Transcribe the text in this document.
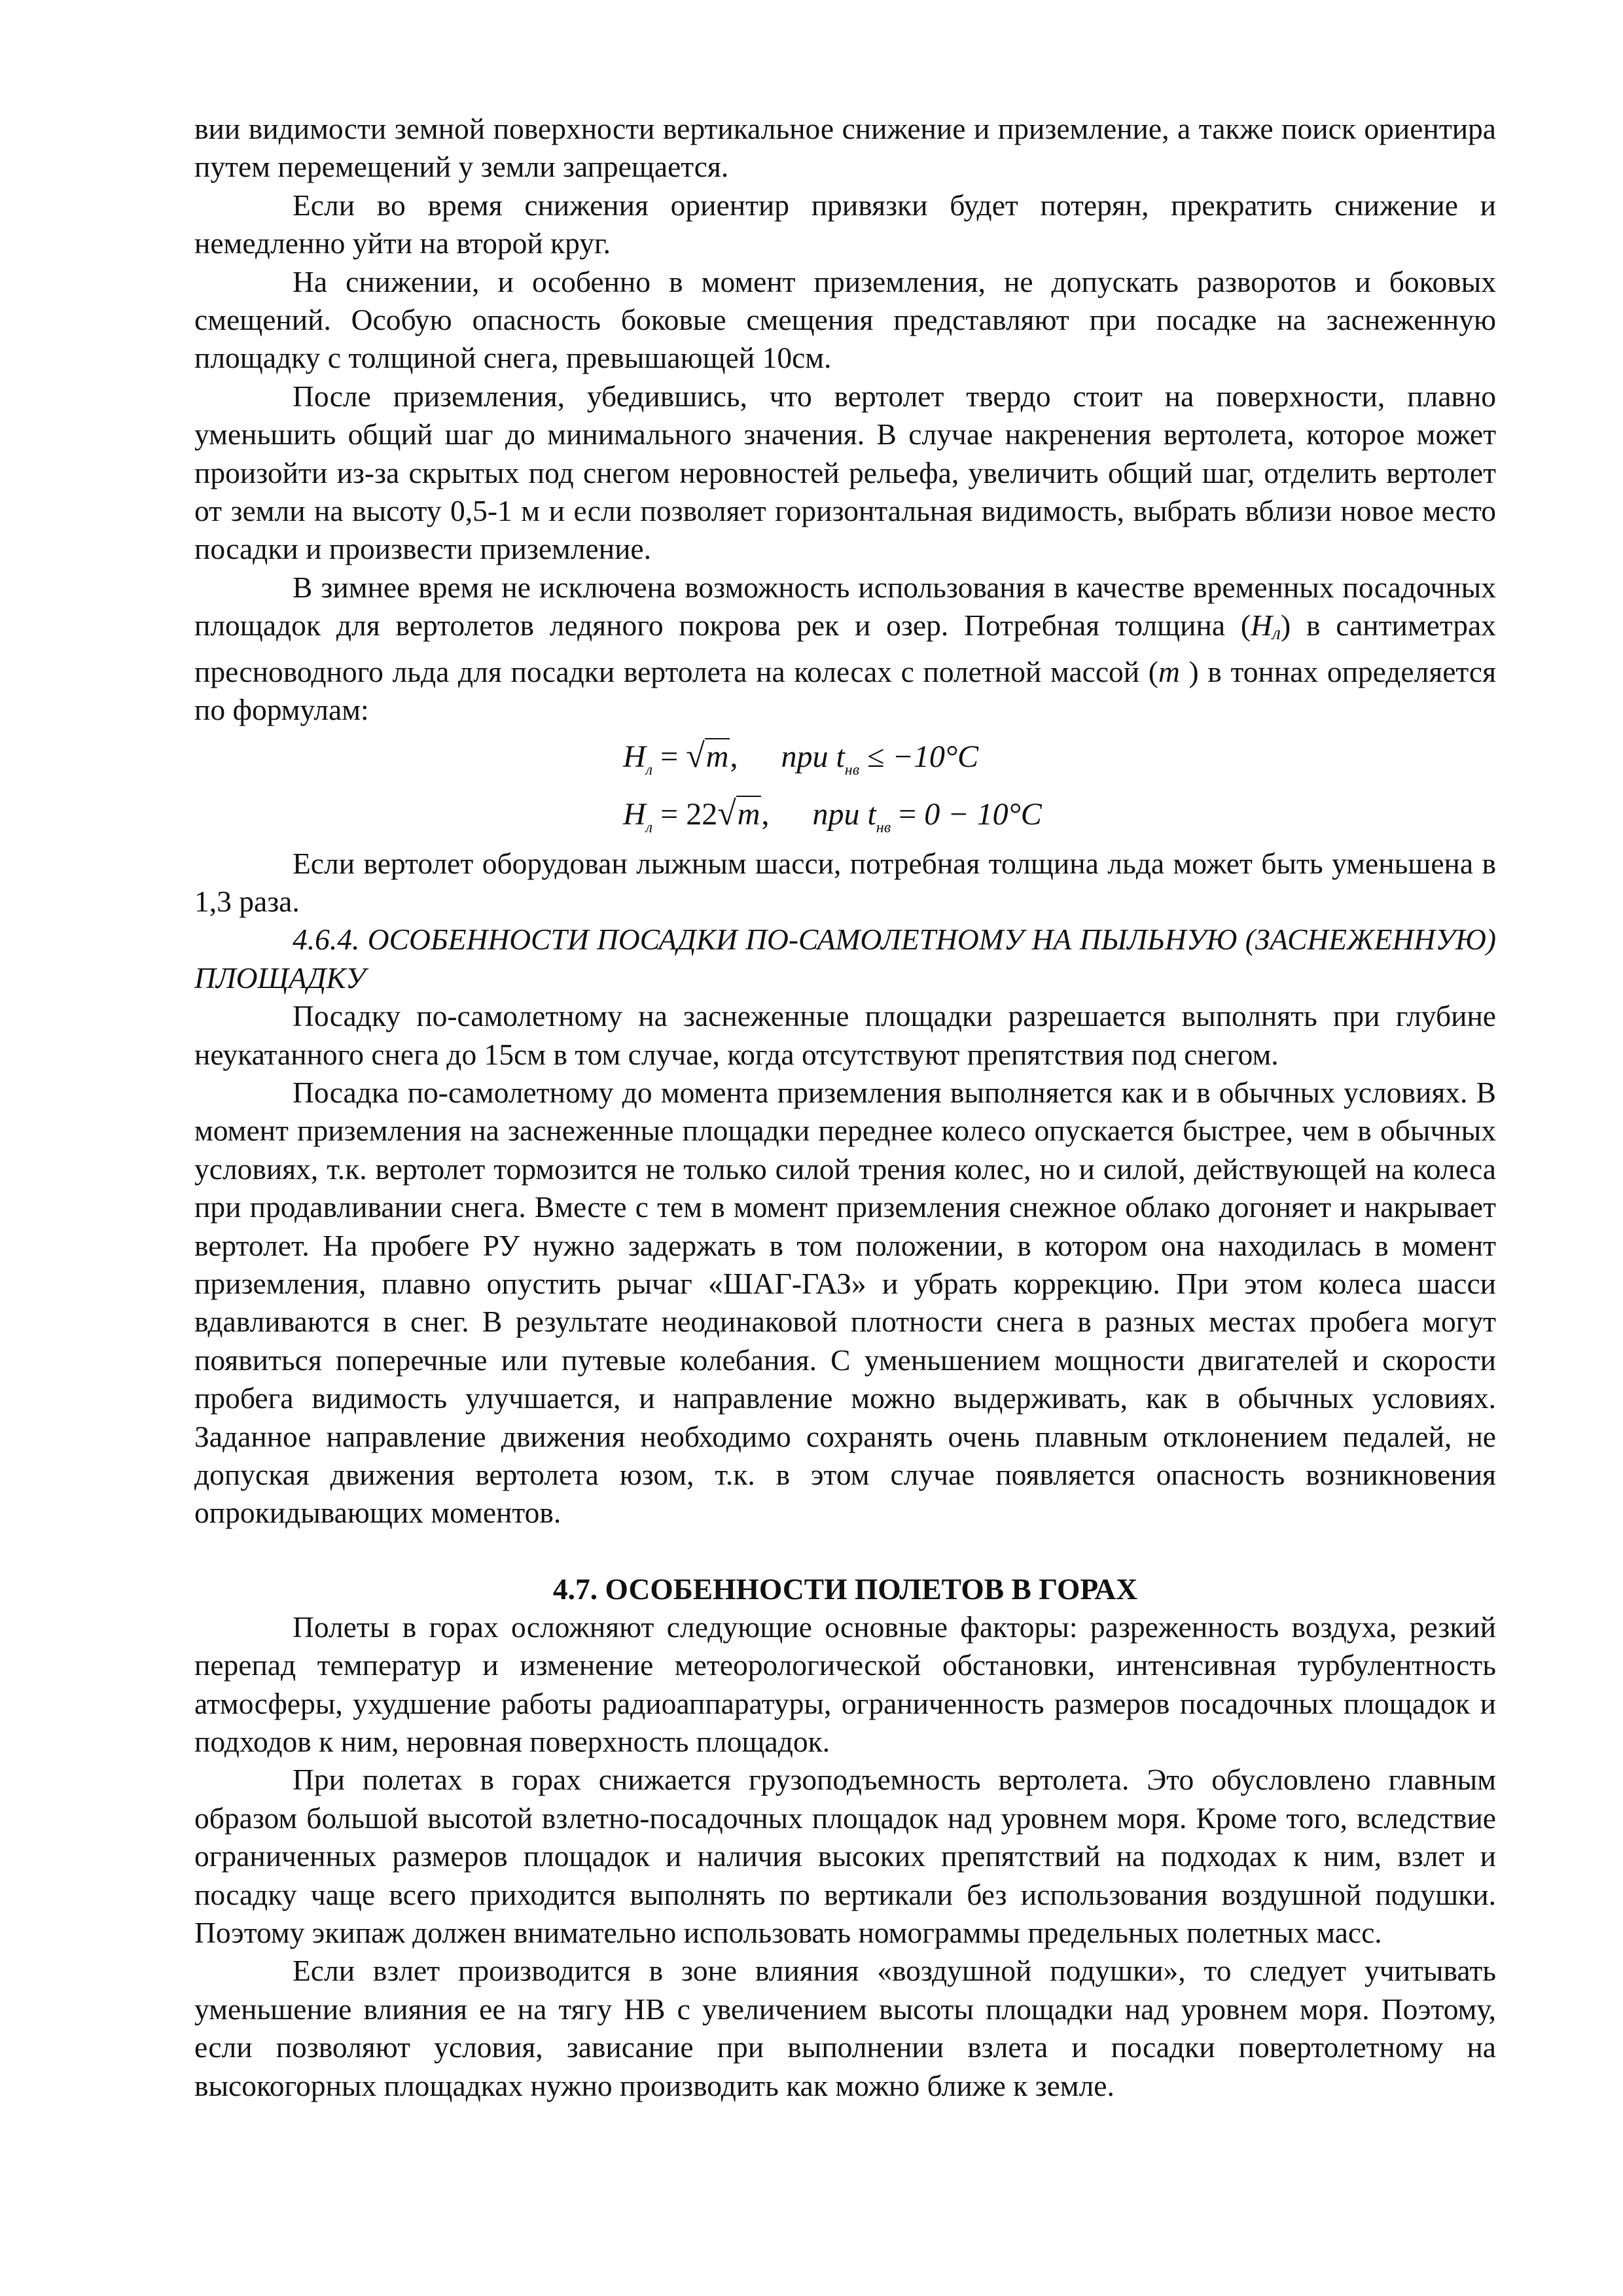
вии видимости земной поверхности вертикальное снижение и приземление, а также поиск ориентира путем перемещений у земли запрещается.

Если во время снижения ориентир привязки будет потерян, прекратить снижение и немедленно уйти на второй круг.

На снижении, и особенно в момент приземления, не допускать разворотов и боковых смещений. Особую опасность боковые смещения представляют при посадке на заснеженную площадку с толщиной снега, превышающей 10см.

После приземления, убедившись, что вертолет твердо стоит на поверхности, плавно уменьшить общий шаг до минимального значения. В случае накренения вертолета, которое может произойти из-за скрытых под снегом неровностей рельефа, увеличить общий шаг, отделить вертолет от земли на высоту 0,5-1 м и если позволяет горизонтальная видимость, выбрать вблизи новое место посадки и произвести приземление.

В зимнее время не исключена возможность использования в качестве временных посадочных площадок для вертолетов ледяного покрова рек и озер. Потребная толщина $(Н_л)$ в сантиметрах пресноводного льда для посадки вертолета на колесах с полетной массой (m ) в тоннах определяется по формулам:

$H_л = √m$, при $t_{нв} \le -10^\circ C$
$H_л = 22√m$, при $t_{нв} = 0 - 10^\circ C$

Если вертолет оборудован лыжным шасси, потребная толщина льда может быть уменьшена в 1,3 раза.

4.6.4. ОСОБЕННОСТИ ПОСАДКИ ПО-САМОЛЕТНОМУ НА ПЫЛЬНУЮ (ЗАСНЕЖЕННУЮ) ПЛОЩАДКУ

Посадку по-самолетному на заснеженные площадки разрешается выполнять при глубине неукатанного снега до 15см в том случае, когда отсутствуют препятствия под снегом.

Посадка по-самолетному до момента приземления выполняется как и в обычных условиях. В момент приземления на заснеженные площадки переднее колесо опускается быстрее, чем в обычных условиях, т.к. вертолет тормозится не только силой трения колес, но и силой, действующей на колеса при продавливании снега. Вместе с тем в момент приземления снежное облако догоняет и накрывает вертолет. На пробеге РУ нужно задержать в том положении, в котором она находилась в момент приземления, плавно опустить рычаг «ШАГ-ГАЗ» и убрать коррекцию. При этом колеса шасси вдавливаются в снег. В результате неодинаковой плотности снега в разных местах пробега могут появиться поперечные или путевые колебания. С уменьшением мощности двигателей и скорости пробега видимость улучшается, и направление можно выдерживать, как в обычных условиях. Заданное направление движения необходимо сохранять очень плавным отклонением педалей, не допуская движения вертолета юзом, т.к. в этом случае появляется опасность возникновения опрокидывающих моментов.

4.7. ОСОБЕННОСТИ ПОЛЕТОВ В ГОРАХ

Полеты в горах осложняют следующие основные факторы: разреженность воздуха, резкий перепад температур и изменение метеорологической обстановки, интенсивная турбулентность атмосферы, ухудшение работы радиоаппаратуры, ограниченность размеров посадочных площадок и подходов к ним, неровная поверхность площадок.

При полетах в горах снижается грузоподъемность вертолета. Это обусловлено главным образом большой высотой взлетно-посадочных площадок над уровнем моря. Кроме того, вследствие ограниченных размеров площадок и наличия высоких препятствий на подходах к ним, взлет и посадку чаще всего приходится выполнять по вертикали без использования воздушной подушки. Поэтому экипаж должен внимательно использовать номограммы предельных полетных масс.

Если взлет производится в зоне влияния «воздушной подушки», то следует учитывать уменьшение влияния ее на тягу НВ с увеличением высоты площадки над уровнем моря. Поэтому, если позволяют условия, зависание при выполнении взлета и посадки повертолетному на высокогорных площадках нужно производить как можно ближе к земле.
